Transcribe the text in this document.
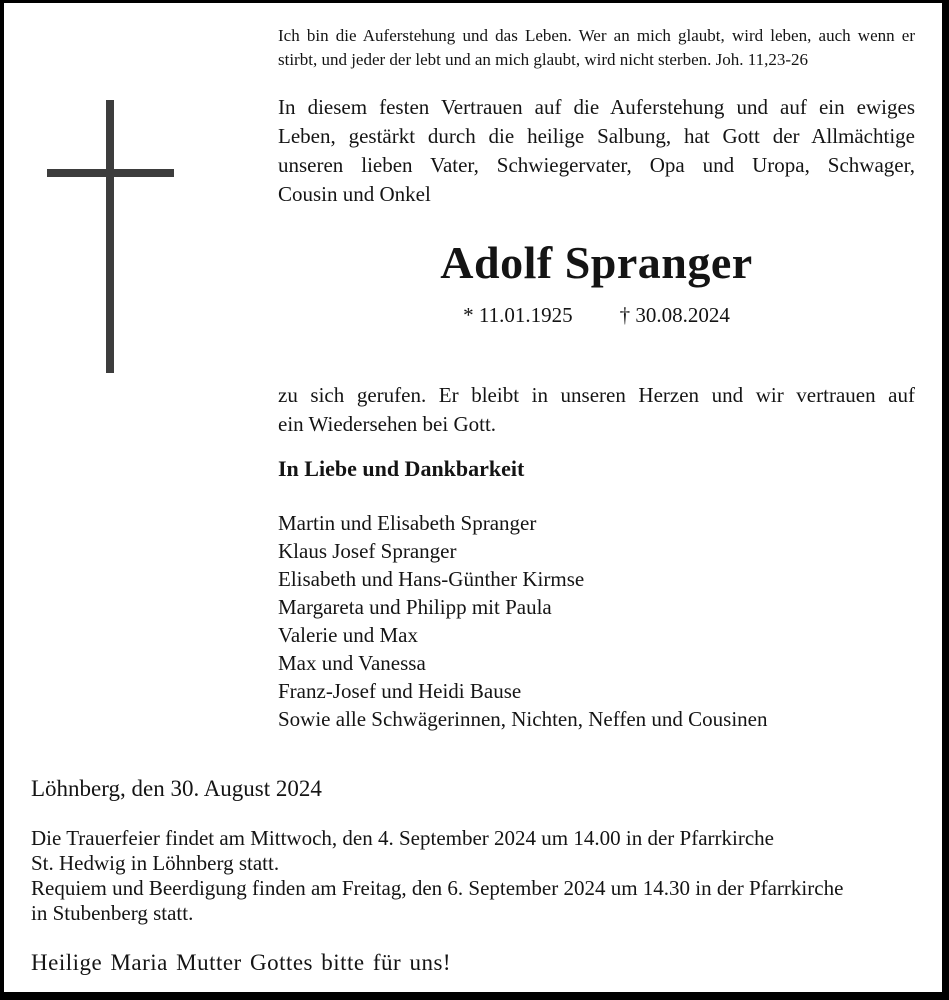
Ich bin die Auferstehung und das Leben. Wer an mich glaubt, wird leben, auch wenn er
stirbt, und jeder der lebt und an mich glaubt, wird nicht sterben. Joh. 11,23-26
In diesem festen Vertrauen auf die Auferstehung und auf ein ewiges
Leben, gestärkt durch die heilige Salbung, hat Gott der Allmächtige
unseren lieben Vater, Schwiegervater, Opa und Uropa, Schwager,
Cousin und Onkel
Adolf Spranger
* 11.01.1925 † 30.08.2024
zu sich gerufen. Er bleibt in unseren Herzen und wir vertrauen auf
ein Wiedersehen bei Gott.
In Liebe und Dankbarkeit
Martin und Elisabeth Spranger
Klaus Josef Spranger
Elisabeth und Hans-Günther Kirmse
Margareta und Philipp mit Paula
Valerie und Max
Max und Vanessa
Franz-Josef und Heidi Bause
Sowie alle Schwägerinnen, Nichten, Neffen und Cousinen
Löhnberg, den 30. August 2024
Die Trauerfeier findet am Mittwoch, den 4. September 2024 um 14.00 in der Pfarrkirche
St. Hedwig in Löhnberg statt.
Requiem und Beerdigung finden am Freitag, den 6. September 2024 um 14.30 in der Pfarrkirche
in Stubenberg statt.
Heilige Maria Mutter Gottes bitte für uns!
